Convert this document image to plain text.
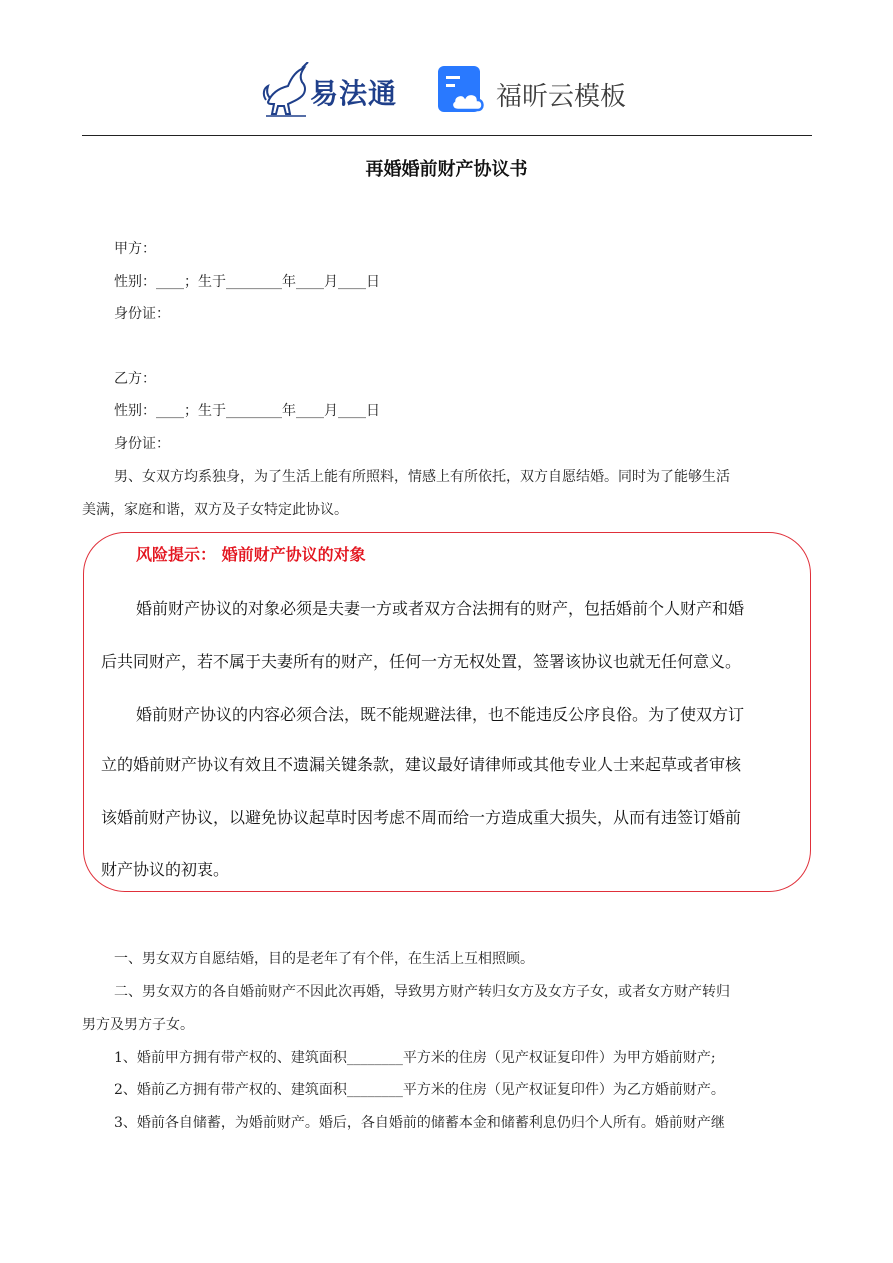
易法通	福昕云模板
再婚婚前财产协议书
甲方：
性别：____；生于________年____月____日
身份证：
乙方：
性别：____；生于________年____月____日
身份证：
男、女双方均系独身，为了生活上能有所照料，情感上有所依托，双方自愿结婚。同时为了能够生活
美满，家庭和谐，双方及子女特定此协议。
风险提示： 婚前财产协议的对象
婚前财产协议的对象必须是夫妻一方或者双方合法拥有的财产，包括婚前个人财产和婚
后共同财产，若不属于夫妻所有的财产，任何一方无权处置，签署该协议也就无任何意义。
婚前财产协议的内容必须合法，既不能规避法律，也不能违反公序良俗。为了使双方订
立的婚前财产协议有效且不遗漏关键条款，建议最好请律师或其他专业人士来起草或者审核
该婚前财产协议，以避免协议起草时因考虑不周而给一方造成重大损失，从而有违签订婚前
财产协议的初衷。
一、男女双方自愿结婚，目的是老年了有个伴，在生活上互相照顾。
二、男女双方的各自婚前财产不因此次再婚，导致男方财产转归女方及女方子女，或者女方财产转归
男方及男方子女。
1、婚前甲方拥有带产权的、建筑面积________平方米的住房（见产权证复印件）为甲方婚前财产;
2、婚前乙方拥有带产权的、建筑面积________平方米的住房（见产权证复印件）为乙方婚前财产。
3、婚前各自储蓄，为婚前财产。婚后，各自婚前的储蓄本金和储蓄利息仍归个人所有。婚前财产继
